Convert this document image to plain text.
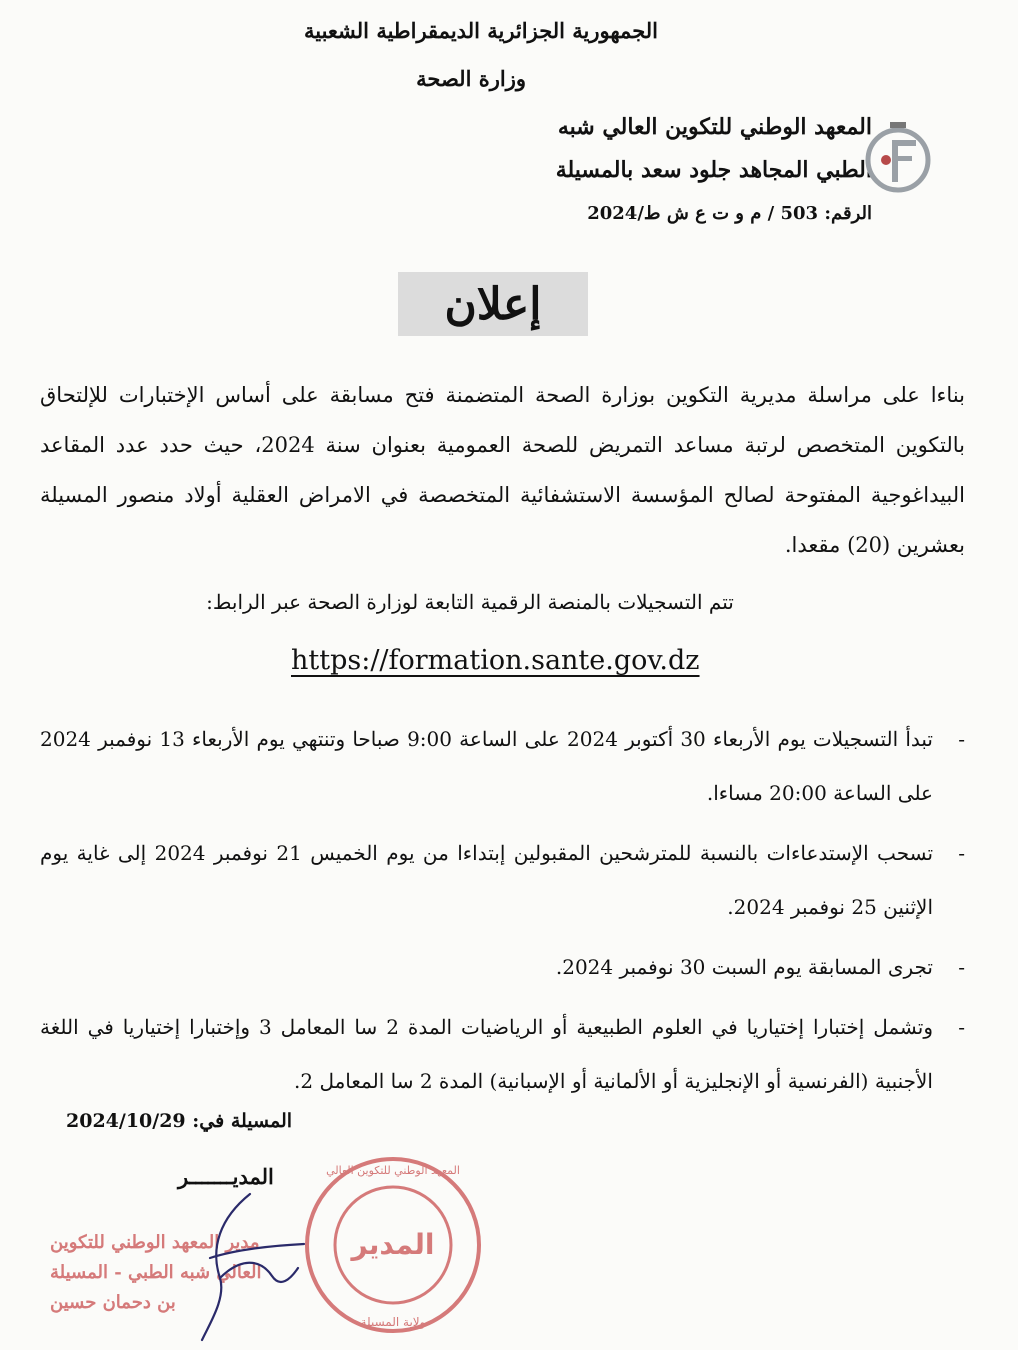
الجمهورية الجزائرية الديمقراطية الشعبية
وزارة الصحة
المعهد الوطني للتكوين العالي شبه
الطبي المجاهد جلود سعد بالمسيلة
الرقم: 503 / م و ت ع ش ط/2024
إعلان
بناءا على مراسلة مديرية التكوين بوزارة الصحة المتضمنة فتح مسابقة على أساس الإختبارات للإلتحاق بالتكوين المتخصص لرتبة مساعد التمريض للصحة العمومية بعنوان سنة 2024، حيث حدد عدد المقاعد البيداغوجية المفتوحة لصالح المؤسسة الاستشفائية المتخصصة في الامراض العقلية أولاد منصور المسيلة بعشرين (20) مقعدا.
تتم التسجيلات بالمنصة الرقمية التابعة لوزارة الصحة عبر الرابط:
https://formation.sante.gov.dz
-
تبدأ التسجيلات يوم الأربعاء 30 أكتوبر 2024 على الساعة 9:00 صباحا وتنتهي يوم الأربعاء 13 نوفمبر 2024 على الساعة 20:00 مساءا.
-
تسحب الإستدعاءات بالنسبة للمترشحين المقبولين إبتداءا من يوم الخميس 21 نوفمبر 2024 إلى غاية يوم الإثنين 25 نوفمبر 2024.
-
تجرى المسابقة يوم السبت 30 نوفمبر 2024.
-
وتشمل إختبارا إختياريا في العلوم الطبيعية أو الرياضيات المدة 2 سا المعامل 3 وإختبارا إختياريا في اللغة الأجنبية (الفرنسية أو الإنجليزية أو الألمانية أو الإسبانية) المدة 2 سا المعامل 2.
المسيلة في: 2024/10/29
المديـــــــر
مدير المعهد الوطني للتكوين
العالي شبه الطبي - المسيلة
بن دحمان حسين
المدير
المعهد الوطني للتكوين العالي
ولاية المسيلة
